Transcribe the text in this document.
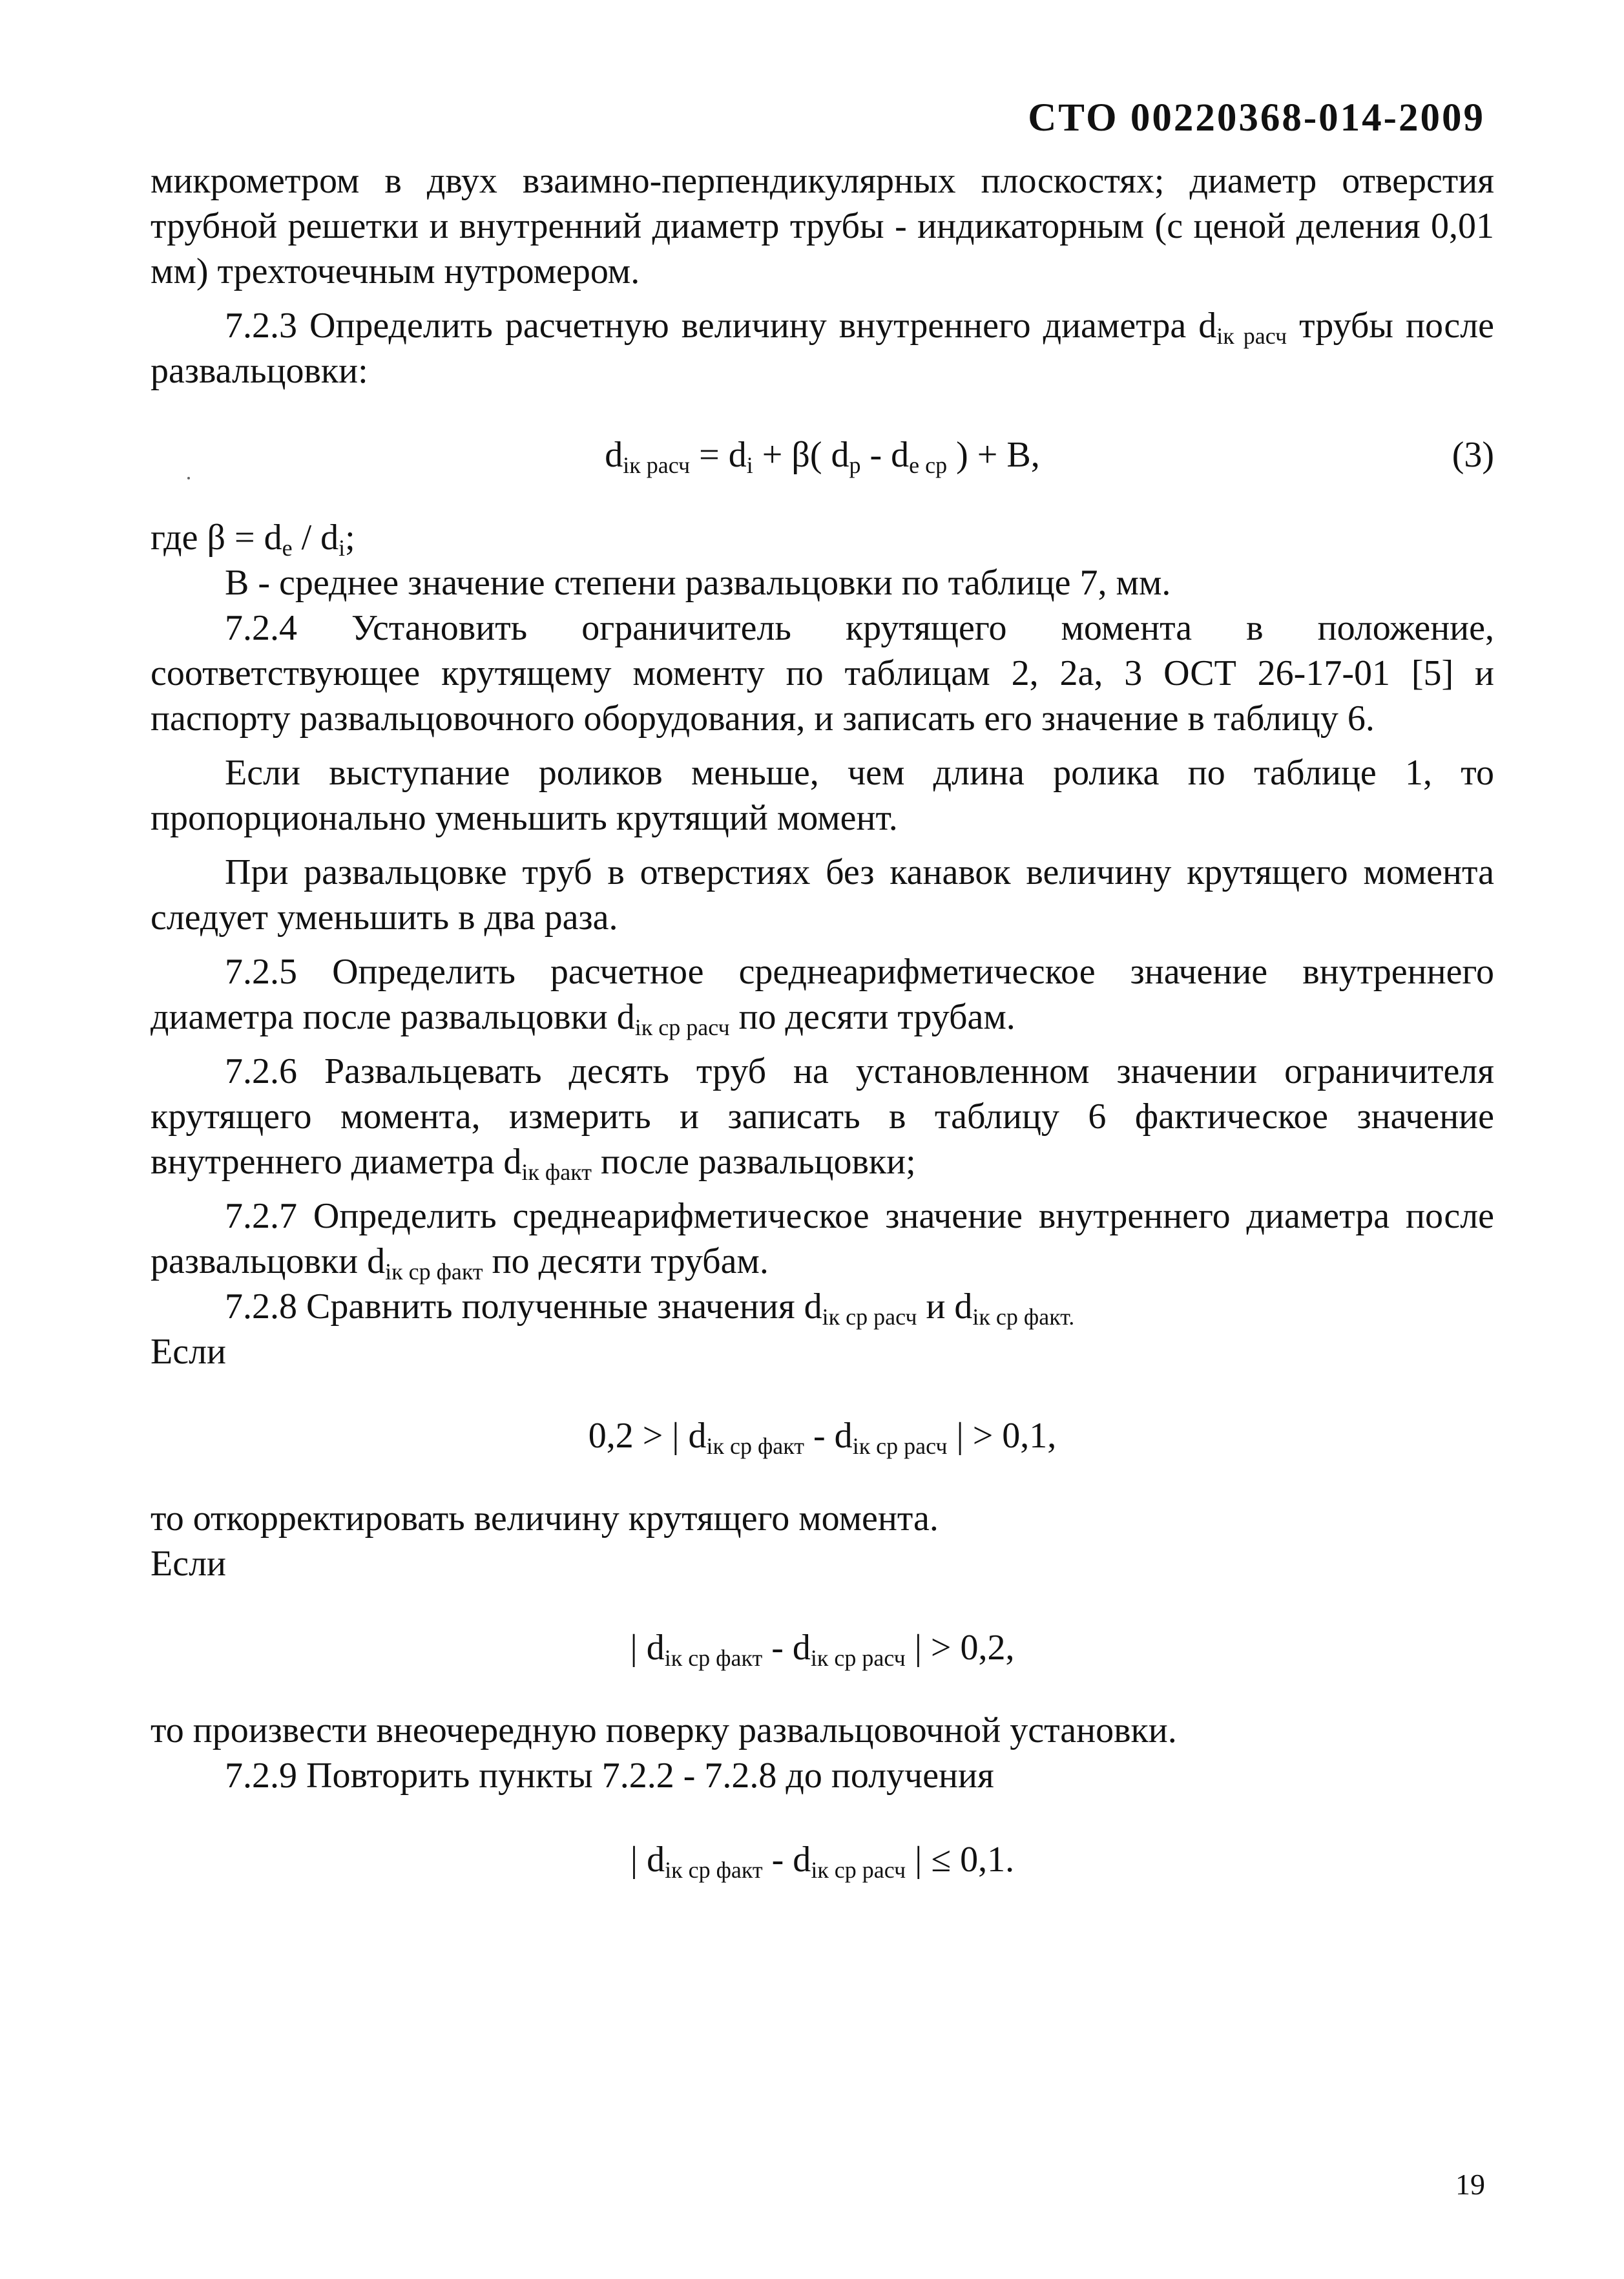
СТО 00220368-014-2009

микрометром в двух взаимно-перпендикулярных плоскостях; диаметр отверстия трубной решетки и внутренний диаметр трубы - индикаторным (с ценой деления 0,01 мм) трехточечным нутромером.

7.2.3 Определить расчетную величину внутреннего диаметра $d_{ік расч}$ трубы после развальцовки:

$d_{ік расч} = d_i + \beta$( $d_p - d_{e ср}$ ) + B,	(3)

где $\beta = d_e / d_i$;

B - среднее значение степени развальцовки по таблице 7, мм.

7.2.4 Установить ограничитель крутящего момента в положение, соответствующее крутящему моменту по таблицам 2, 2а, 3 ОСТ 26-17-01 [5] и паспорту развальцовочного оборудования, и записать его значение в таблицу 6.

Если выступание роликов меньше, чем длина ролика по таблице 1, то пропорционально уменьшить крутящий момент.

При развальцовке труб в отверстиях без канавок величину крутящего момента следует уменьшить в два раза.

7.2.5 Определить расчетное среднеарифметическое значение внутреннего диаметра после развальцовки $d_{ік ср расч}$ по десяти трубам.

7.2.6 Развальцевать десять труб на установленном значении ограничителя крутящего момента, измерить и записать в таблицу 6 фактическое значение внутреннего диаметра $d_{ік факт}$ после развальцовки;

7.2.7 Определить среднеарифметическое значение внутреннего диаметра после развальцовки $d_{ік ср факт}$ по десяти трубам.

7.2.8 Сравнить полученные значения $d_{ік ср расч}$ и $d_{ік ср факт.}$

Если

0,2 > | $d_{ік ср факт} - d_{ік ср расч}$ | > 0,1,

то откорректировать величину крутящего момента.

Если

| $d_{ік ср факт} - d_{ік ср расч}$ | > 0,2,

то произвести внеочередную поверку развальцовочной установки.

7.2.9 Повторить пункты 7.2.2 - 7.2.8 до получения

| $d_{ік ср факт} - d_{ік ср расч}$ | ≤ 0,1.
19
